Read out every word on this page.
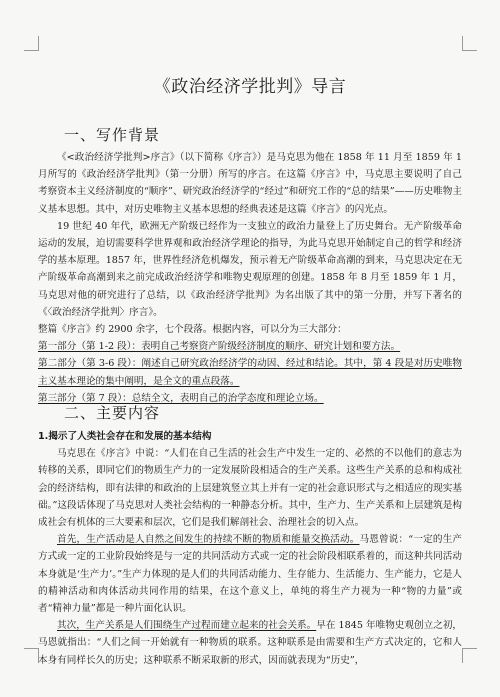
《政治经济学批判》导言
一、写作背景

《<政治经济学批判>序言》（以下简称《序言》）是马克思为他在 1858 年 11 月至 1859 年 1 月所写的《政治经济学批判》（第一分册）所写的序言。在这篇《序言》中，马克思主要说明了自己考察资本主义经济制度的“顺序”、研究政治经济学的“经过”和研究工作的“总的结果”——历史唯物主义基本思想。其中，对历史唯物主义基本思想的经典表述是这篇《序言》的闪光点。

19 世纪 40 年代，欧洲无产阶级已经作为一支独立的政治力量登上了历史舞台。无产阶级革命运动的发展，迫切需要科学世界观和政治经济学理论的指导，为此马克思开始制定自己的哲学和经济学的基本原理。1857 年，世界性经济危机爆发，预示着无产阶级革命高潮的到来，马克思决定在无产阶级革命高潮到来之前完成政治经济学和唯物史观原理的创建。1858 年 8 月至 1859 年 1 月，马克思对他的研究进行了总结，以《政治经济学批判》为名出版了其中的第一分册，并写下著名的《〈政治经济学批判〉序言》。

整篇《序言》约 2900 余字，七个段落。根据内容，可以分为三大部分：

第一部分（第 1-2 段）：表明自己考察资产阶级经济制度的顺序、研究计划和要方法。

第二部分（第 3-6 段）：阐述自己研究政治经济学的动因、经过和结论。其中，第 4 段是对历史唯物主义基本理论的集中阐明，是全文的重点段落。

第三部分（第 7 段）：总结全文，表明自己的治学态度和理论立场。

二、主要内容

1.揭示了人类社会存在和发展的基本结构

马克思在《序言》中说：“人们在自己生活的社会生产中发生一定的、必然的不以他们的意志为转移的关系，即同它们的物质生产力的一定发展阶段相适合的生产关系。这些生产关系的总和构成社会的经济结构，即有法律的和政治的上层建筑竖立其上并有一定的社会意识形式与之相适应的现实基础。”这段话体现了马克思对人类社会结构的一种静态分析。其中，生产力、生产关系和上层建筑是构成社会有机体的三大要素和层次，它们是我们解剖社会、治理社会的切入点。

首先，生产活动是人自然之间发生的持续不断的物质和能量交换活动。马恩曾说：“一定的生产方式或一定的工业阶段始终是与一定的共同活动方式或一定的社会阶段相联系着的，而这种共同活动本身就是‘生产力’。”生产力体现的是人们的共同活动能力、生存能力、生活能力、生产能力，它是人的精神活动和肉体活动共同作用的结果，在这个意义上，单纯的将生产力视为一种“物的力量”或者“精神力量”都是一种片面化认识。

其次，生产关系是人们围绕生产过程而建立起来的社会关系。早在 1845 年唯物史观创立之初，马恩就指出：“人们之间一开始就有一种物质的联系。这种联系是由需要和生产方式决定的，它和人本身有同样长久的历史；这种联系不断采取新的形式，因而就表现为“历史”，
